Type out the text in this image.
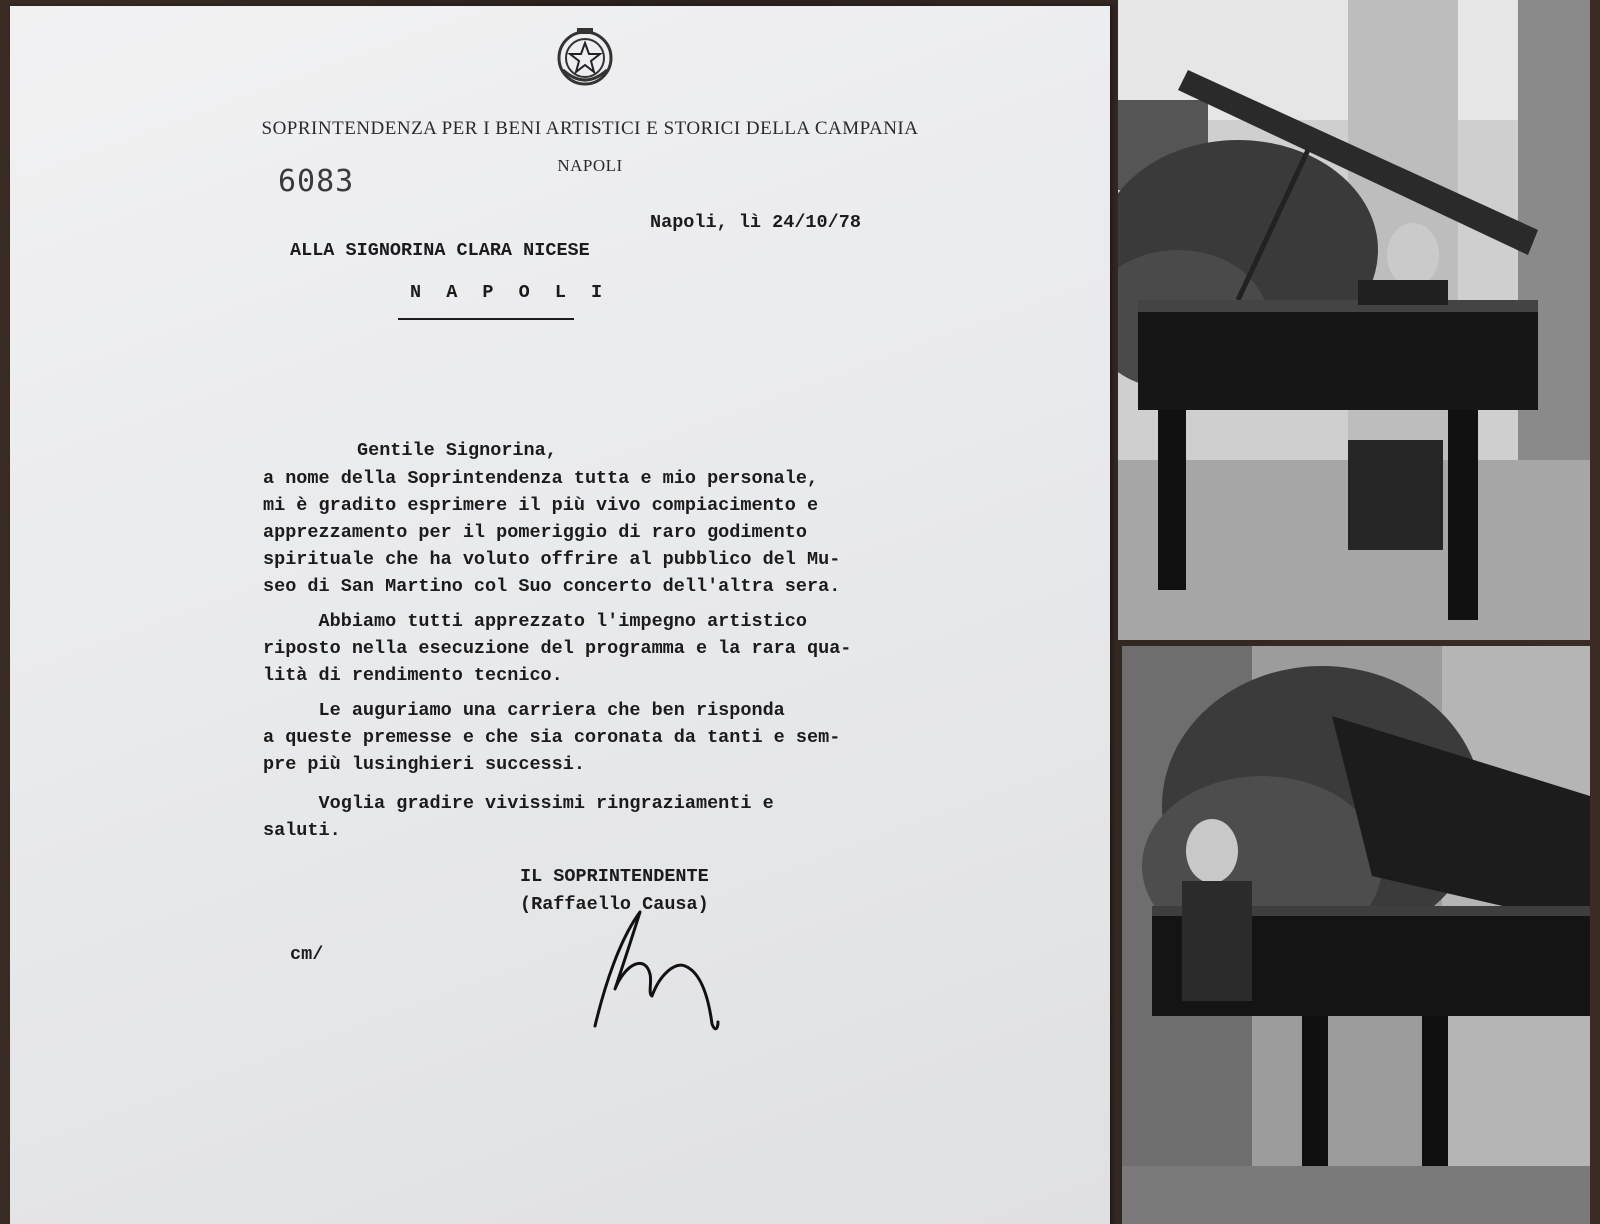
SOPRINTENDENZA PER I BENI ARTISTICI E STORICI DELLA CAMPANIA
NAPOLI
6083
Napoli, lì 24/10/78
ALLA SIGNORINA CLARA NICESE
N A P O L I
Gentile Signorina,
a nome della Soprintendenza tutta e mio personale,
mi è gradito esprimere il più vivo compiacimento e
apprezzamento per il pomeriggio di raro godimento
spirituale che ha voluto offrire al pubblico del Mu-
seo di San Martino col Suo concerto dell'altra sera.
Abbiamo tutti apprezzato l'impegno artistico
riposto nella esecuzione del programma e la rara qua-
lità di rendimento tecnico.
Le auguriamo una carriera che ben risponda
a queste premesse e che sia coronata da tanti e sem-
pre più lusinghieri successi.
Voglia gradire vivissimi ringraziamenti e
saluti.
IL SOPRINTENDENTE
(Raffaello Causa)
cm/
